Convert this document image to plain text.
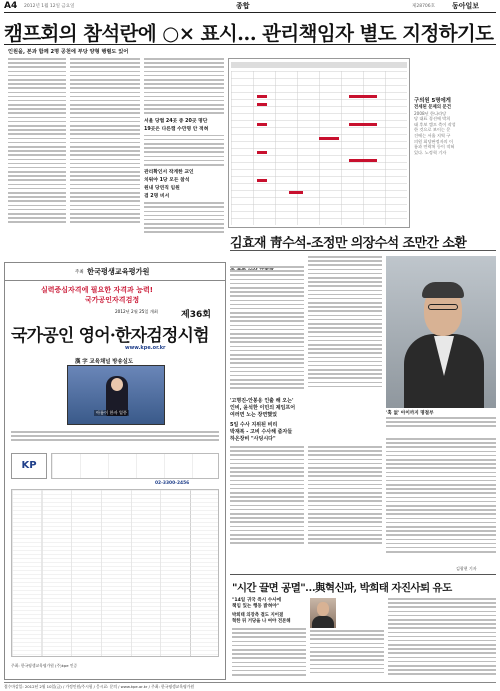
A4 2012년 1월 12일 금요일	종합	제28706호 동아일보
캠프회의 참석란에 ○× 표시… 관리책임자 별도 지정하기도
인원을, 본과 함께 2명 공천에 부당 양형 행렬도 있어
서울 당협 24곳 중 20곳 명단
19곳은 다른캠 수만명 안 적혀
관리확인서 작게한 교인
치워야 1당 모든 참석
원내 당연직 임원
겸 2명 비서
구의원 5명에게
전세된 문제의 문건
2008년 한나라당
당 대표 경선에 박희
태 후보 캠프 측이 작성
한 것으로 보이는 문
건에는 서울 지역 구
의원 회당판정자의 이
름과 연락처 등이 적혀
있다. 노정혁 기자
김효재 靑수석-조정만 의장수석 조만간 소환
주최 한국평생교육평가원
실력증심자격에 필요한 자격과 능력!
국가공인자격검정
2012년 2월 25일 개최	제36회
국가공인 영어·한자검정시험
www.kpe.or.kr
漢 字 교육채널 방송실도
아름이 한자 열풍
KP
02-3300-2456
주최: 한국평생교육평가원 (주)kpe 인증
'혹 없' 아이까지 명절부
'고명진-안봉응 인출 해 오는'
인비, 윤석한 이민의 제임프어
여러면 노는 장면했었
5일 수사 지위된 비리
박재복 - 고비 수사해 줌자들
하온장비 "사딩시다"
김광현 기자
"시간 끌면 공멸"…與혁신파, 박희태 자진사퇴 유도
"14일 귀국 즉시 수사에
책임 있는 행동 밝혀야"
박희태 의장측 결도 지어졌
혁한 뒤 거당을 나 여야 전본해
접수마감일: 2012년 2월 10일(금) / 가정인원/주시험 / 응시료: 문의 / www.kpe.or.kr / 주최: 한국평생교육평가원
